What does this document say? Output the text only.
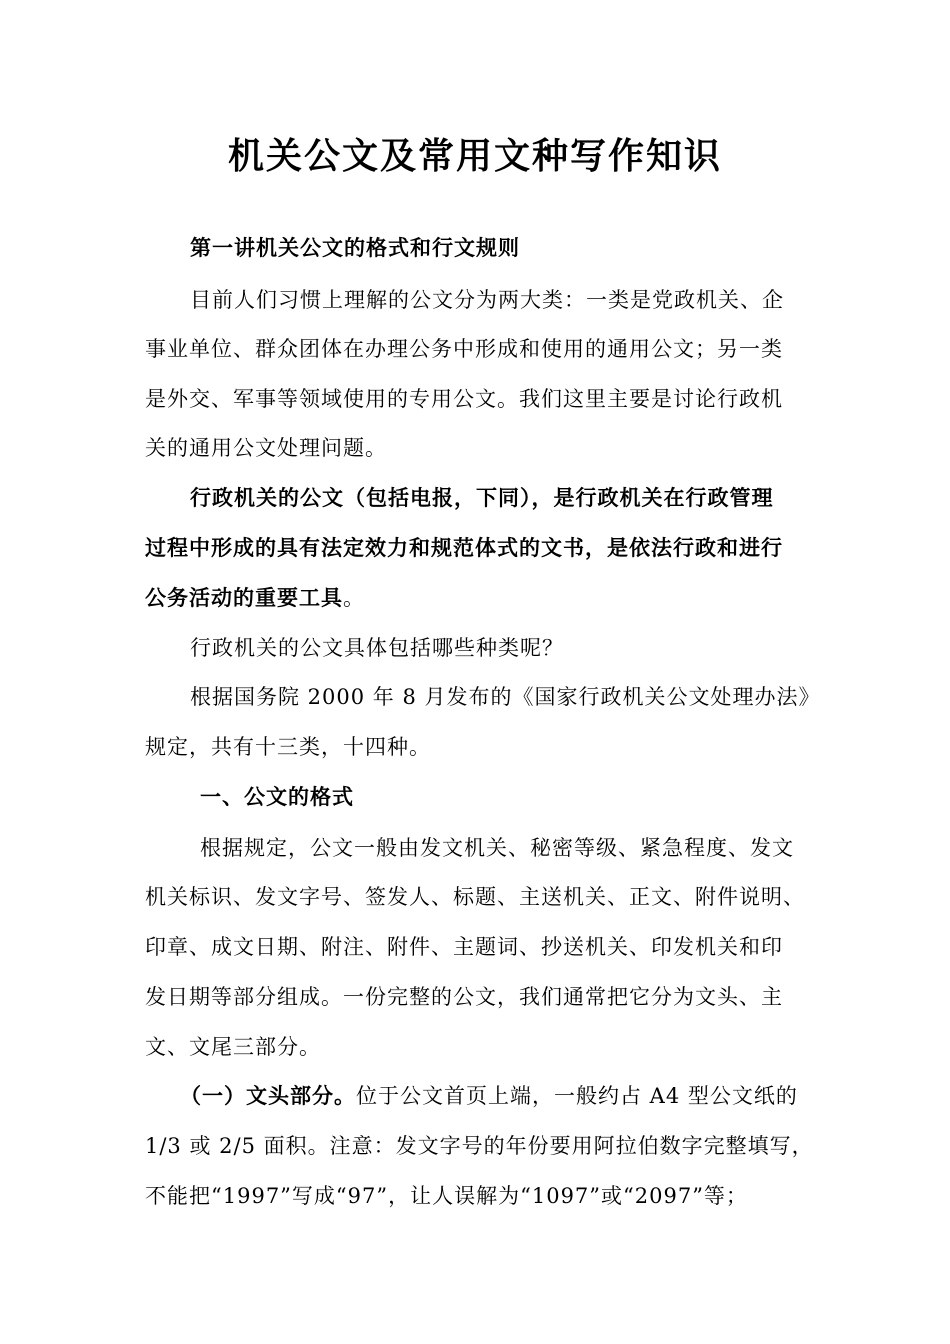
机关公文及常用文种写作知识
第一讲机关公文的格式和行文规则
目前人们习惯上理解的公文分为两大类：一类是党政机关、企
事业单位、群众团体在办理公务中形成和使用的通用公文；另一类
是外交、军事等领域使用的专用公文。我们这里主要是讨论行政机
关的通用公文处理问题。
行政机关的公文（包括电报，下同），是行政机关在行政管理
过程中形成的具有法定效力和规范体式的文书，是依法行政和进行
公务活动的重要工具。
行政机关的公文具体包括哪些种类呢？
根据国务院 2000 年 8 月发布的《国家行政机关公文处理办法》
规定，共有十三类，十四种。
一、公文的格式
根据规定，公文一般由发文机关、秘密等级、紧急程度、发文
机关标识、发文字号、签发人、标题、主送机关、正文、附件说明、
印章、成文日期、附注、附件、主题词、抄送机关、印发机关和印
发日期等部分组成。一份完整的公文，我们通常把它分为文头、主
文、文尾三部分。
（一）文头部分。位于公文首页上端，一般约占 A4 型公文纸的
1/3 或 2/5 面积。注意：发文字号的年份要用阿拉伯数字完整填写，
不能把“1997”写成“97”，让人误解为“1097”或“2097”等；
